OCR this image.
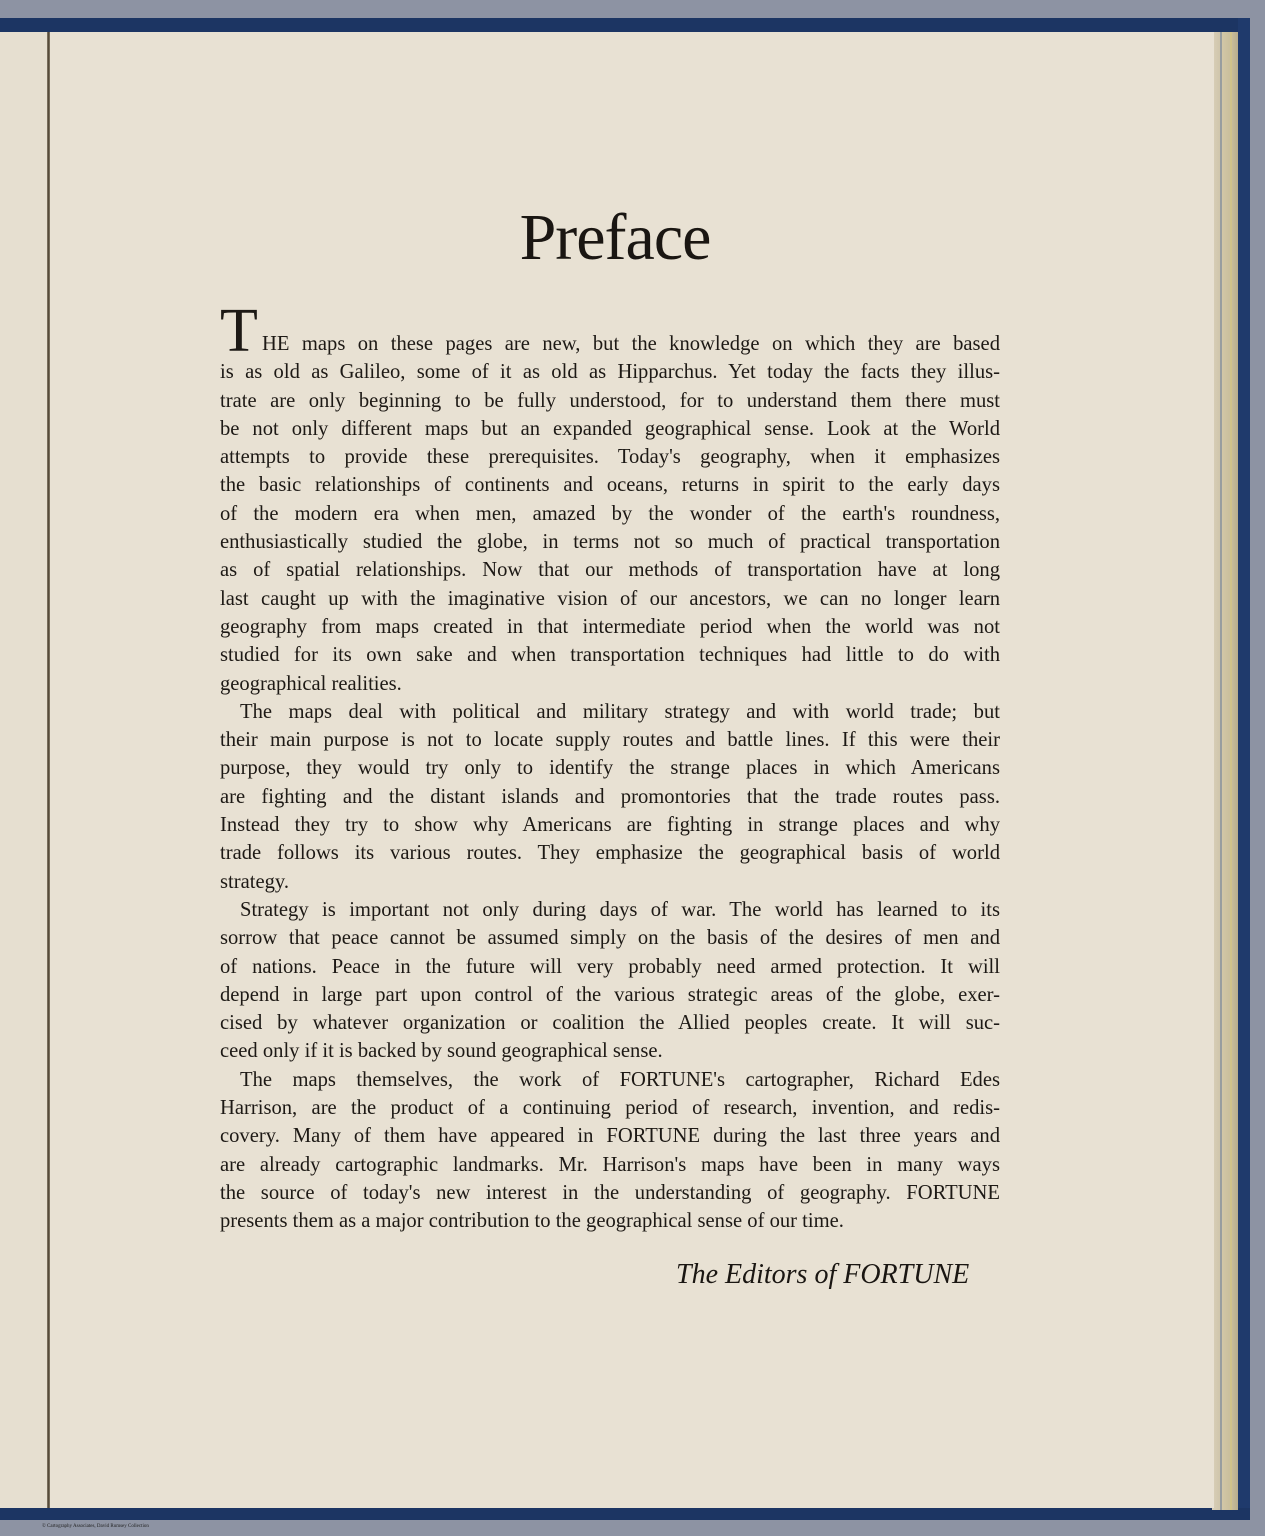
Preface
T HE maps on these pages are new, but the knowledge on which they are based
is as old as Galileo, some of it as old as Hipparchus. Yet today the facts they illus-
trate are only beginning to be fully understood, for to understand them there must
be not only different maps but an expanded geographical sense. Look at the World
attempts to provide these prerequisites. Today's geography, when it emphasizes
the basic relationships of continents and oceans, returns in spirit to the early days
of the modern era when men, amazed by the wonder of the earth's roundness,
enthusiastically studied the globe, in terms not so much of practical transportation
as of spatial relationships. Now that our methods of transportation have at long
last caught up with the imaginative vision of our ancestors, we can no longer learn
geography from maps created in that intermediate period when the world was not
studied for its own sake and when transportation techniques had little to do with
geographical realities.
The maps deal with political and military strategy and with world trade; but
their main purpose is not to locate supply routes and battle lines. If this were their
purpose, they would try only to identify the strange places in which Americans
are fighting and the distant islands and promontories that the trade routes pass.
Instead they try to show why Americans are fighting in strange places and why
trade follows its various routes. They emphasize the geographical basis of world
strategy.
Strategy is important not only during days of war. The world has learned to its
sorrow that peace cannot be assumed simply on the basis of the desires of men and
of nations. Peace in the future will very probably need armed protection. It will
depend in large part upon control of the various strategic areas of the globe, exer-
cised by whatever organization or coalition the Allied peoples create. It will suc-
ceed only if it is backed by sound geographical sense.
The maps themselves, the work of FORTUNE's cartographer, Richard Edes
Harrison, are the product of a continuing period of research, invention, and redis-
covery. Many of them have appeared in FORTUNE during the last three years and
are already cartographic landmarks. Mr. Harrison's maps have been in many ways
the source of today's new interest in the understanding of geography. FORTUNE
presents them as a major contribution to the geographical sense of our time.
The Editors of FORTUNE
© Cartography Associates, David Rumsey Collection
